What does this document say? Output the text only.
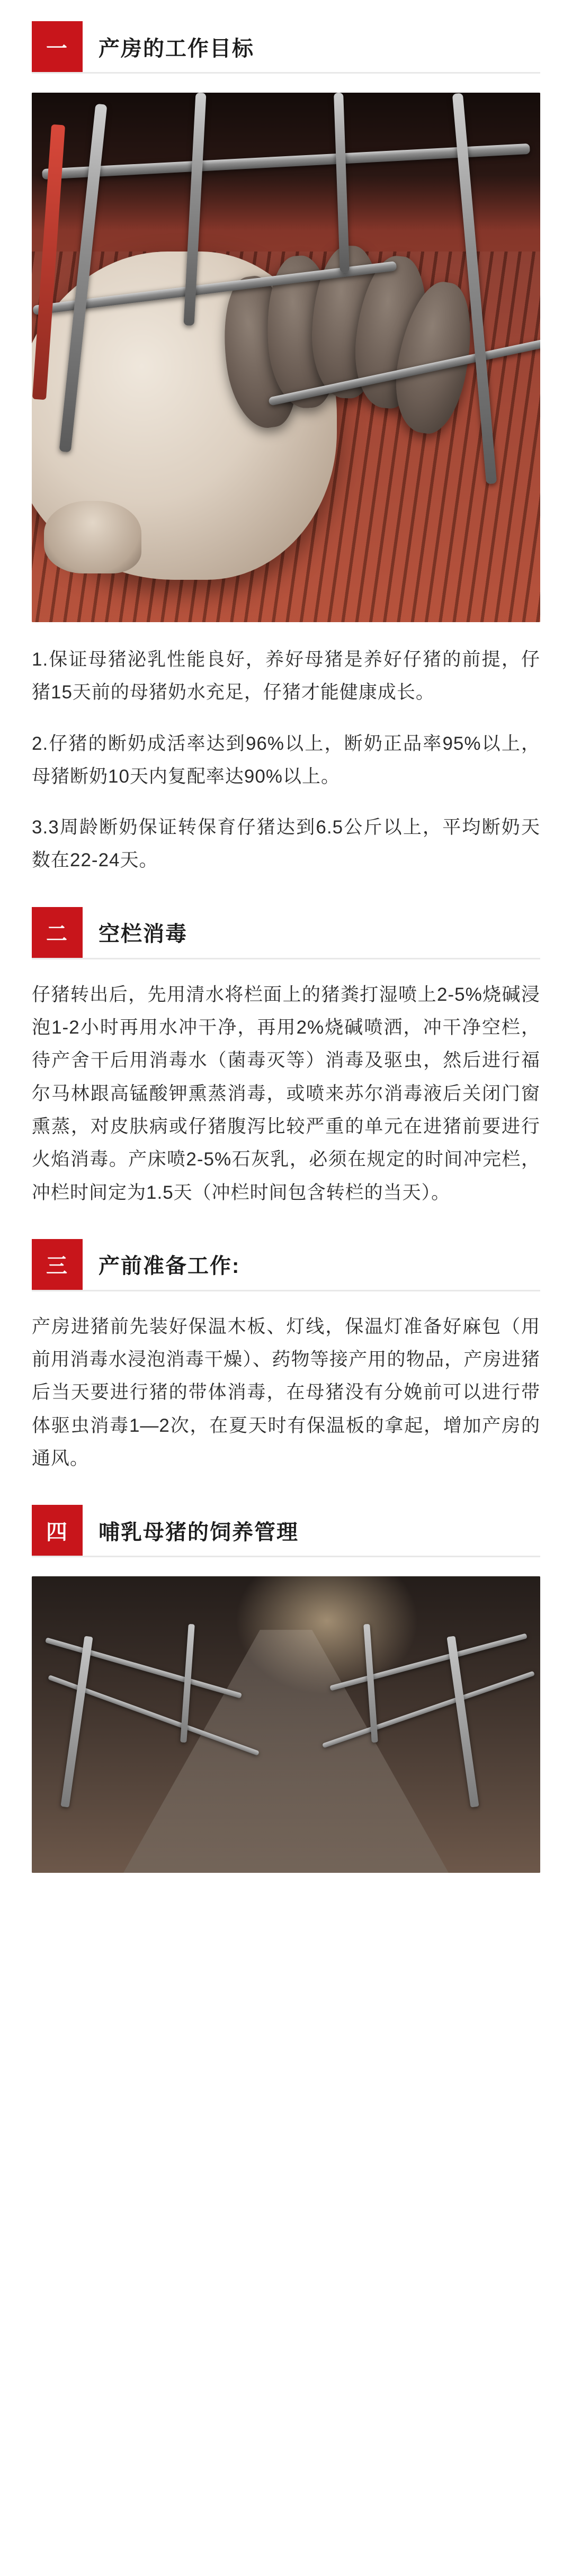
一	产房的工作目标

1.保证母猪泌乳性能良好，养好母猪是养好仔猪的前提，仔猪15天前的母猪奶水充足，仔猪才能健康成长。

2.仔猪的断奶成活率达到96%以上，断奶正品率95%以上，母猪断奶10天内复配率达90%以上。

3.3周龄断奶保证转保育仔猪达到6.5公斤以上，平均断奶天数在22-24天。

二	空栏消毒

仔猪转出后，先用清水将栏面上的猪粪打湿喷上2-5%烧碱浸泡1-2小时再用水冲干净，再用2%烧碱喷洒，冲干净空栏，待产舍干后用消毒水（菌毒灭等）消毒及驱虫，然后进行福尔马林跟高锰酸钾熏蒸消毒，或喷来苏尔消毒液后关闭门窗熏蒸，对皮肤病或仔猪腹泻比较严重的单元在进猪前要进行火焰消毒。产床喷2-5%石灰乳，必须在规定的时间冲完栏，冲栏时间定为1.5天（冲栏时间包含转栏的当天）。

三	产前准备工作:

产房进猪前先装好保温木板、灯线，保温灯准备好麻包（用前用消毒水浸泡消毒干燥）、药物等接产用的物品，产房进猪后当天要进行猪的带体消毒，在母猪没有分娩前可以进行带体驱虫消毒1—2次，在夏天时有保温板的拿起，增加产房的通风。

四	哺乳母猪的饲养管理
